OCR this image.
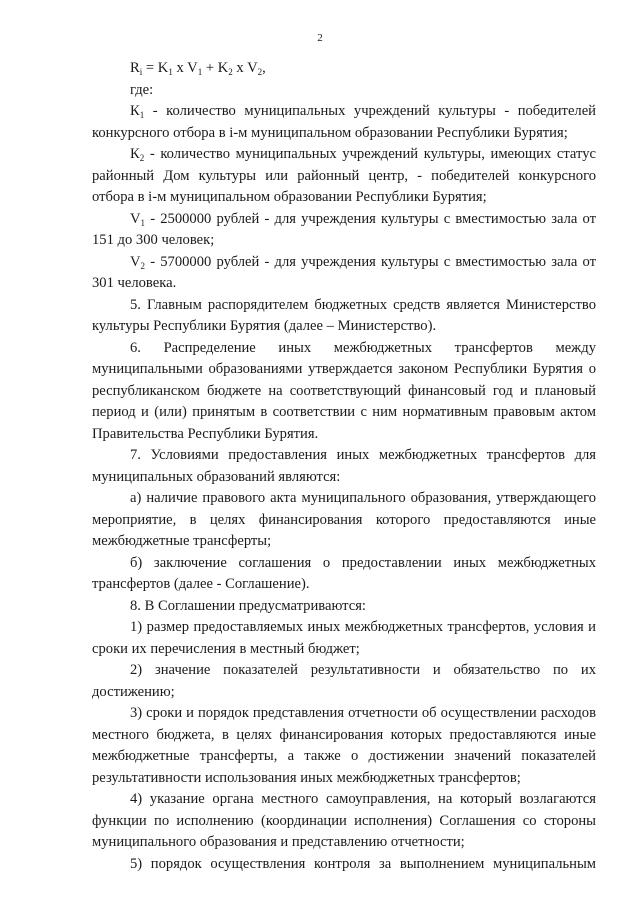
2

$R_i = K_1$ x $V_1 + K_2$ x $V_2$,

где:

$К_1$ - количество муниципальных учреждений культуры - победителей конкурсного отбора в i-м муниципальном образовании Республики Бурятия;

$К_2$ - количество муниципальных учреждений культуры, имеющих статус районный Дом культуры или районный центр, - победителей конкурсного отбора в i-м муниципальном образовании Республики Бурятия;

$V_1 - 2500000$ рублей - для учреждения культуры с вместимостью зала от 151 до 300 человек;

$V_2 - 5700000$ рублей - для учреждения культуры с вместимостью зала от 301 человека.

5. Главным распорядителем бюджетных средств является Министерство культуры Республики Бурятия (далее – Министерство).

6. Распределение иных межбюджетных трансфертов между муниципальными образованиями утверждается законом Республики Бурятия о республиканском бюджете на соответствующий финансовый год и плановый период и (или) принятым в соответствии с ним нормативным правовым актом Правительства Республики Бурятия.

7. Условиями предоставления иных межбюджетных трансфертов для муниципальных образований являются:

а) наличие правового акта муниципального образования, утверждающего мероприятие, в целях финансирования которого предоставляются иные межбюджетные трансферты;

б) заключение соглашения о предоставлении иных межбюджетных трансфертов (далее - Соглашение).

8. В Соглашении предусматриваются:

1) размер предоставляемых иных межбюджетных трансфертов, условия и сроки их перечисления в местный бюджет;

2) значение показателей результативности и обязательство по их достижению;

3) сроки и порядок представления отчетности об осуществлении расходов местного бюджета, в целях финансирования которых предоставляются иные межбюджетные трансферты, а также о достижении значений показателей результативности использования иных межбюджетных трансфертов;

4) указание органа местного самоуправления, на который возлагаются функции по исполнению (координации исполнения) Соглашения со стороны муниципального образования и представлению отчетности;

5) порядок осуществления контроля за выполнением муниципальным
